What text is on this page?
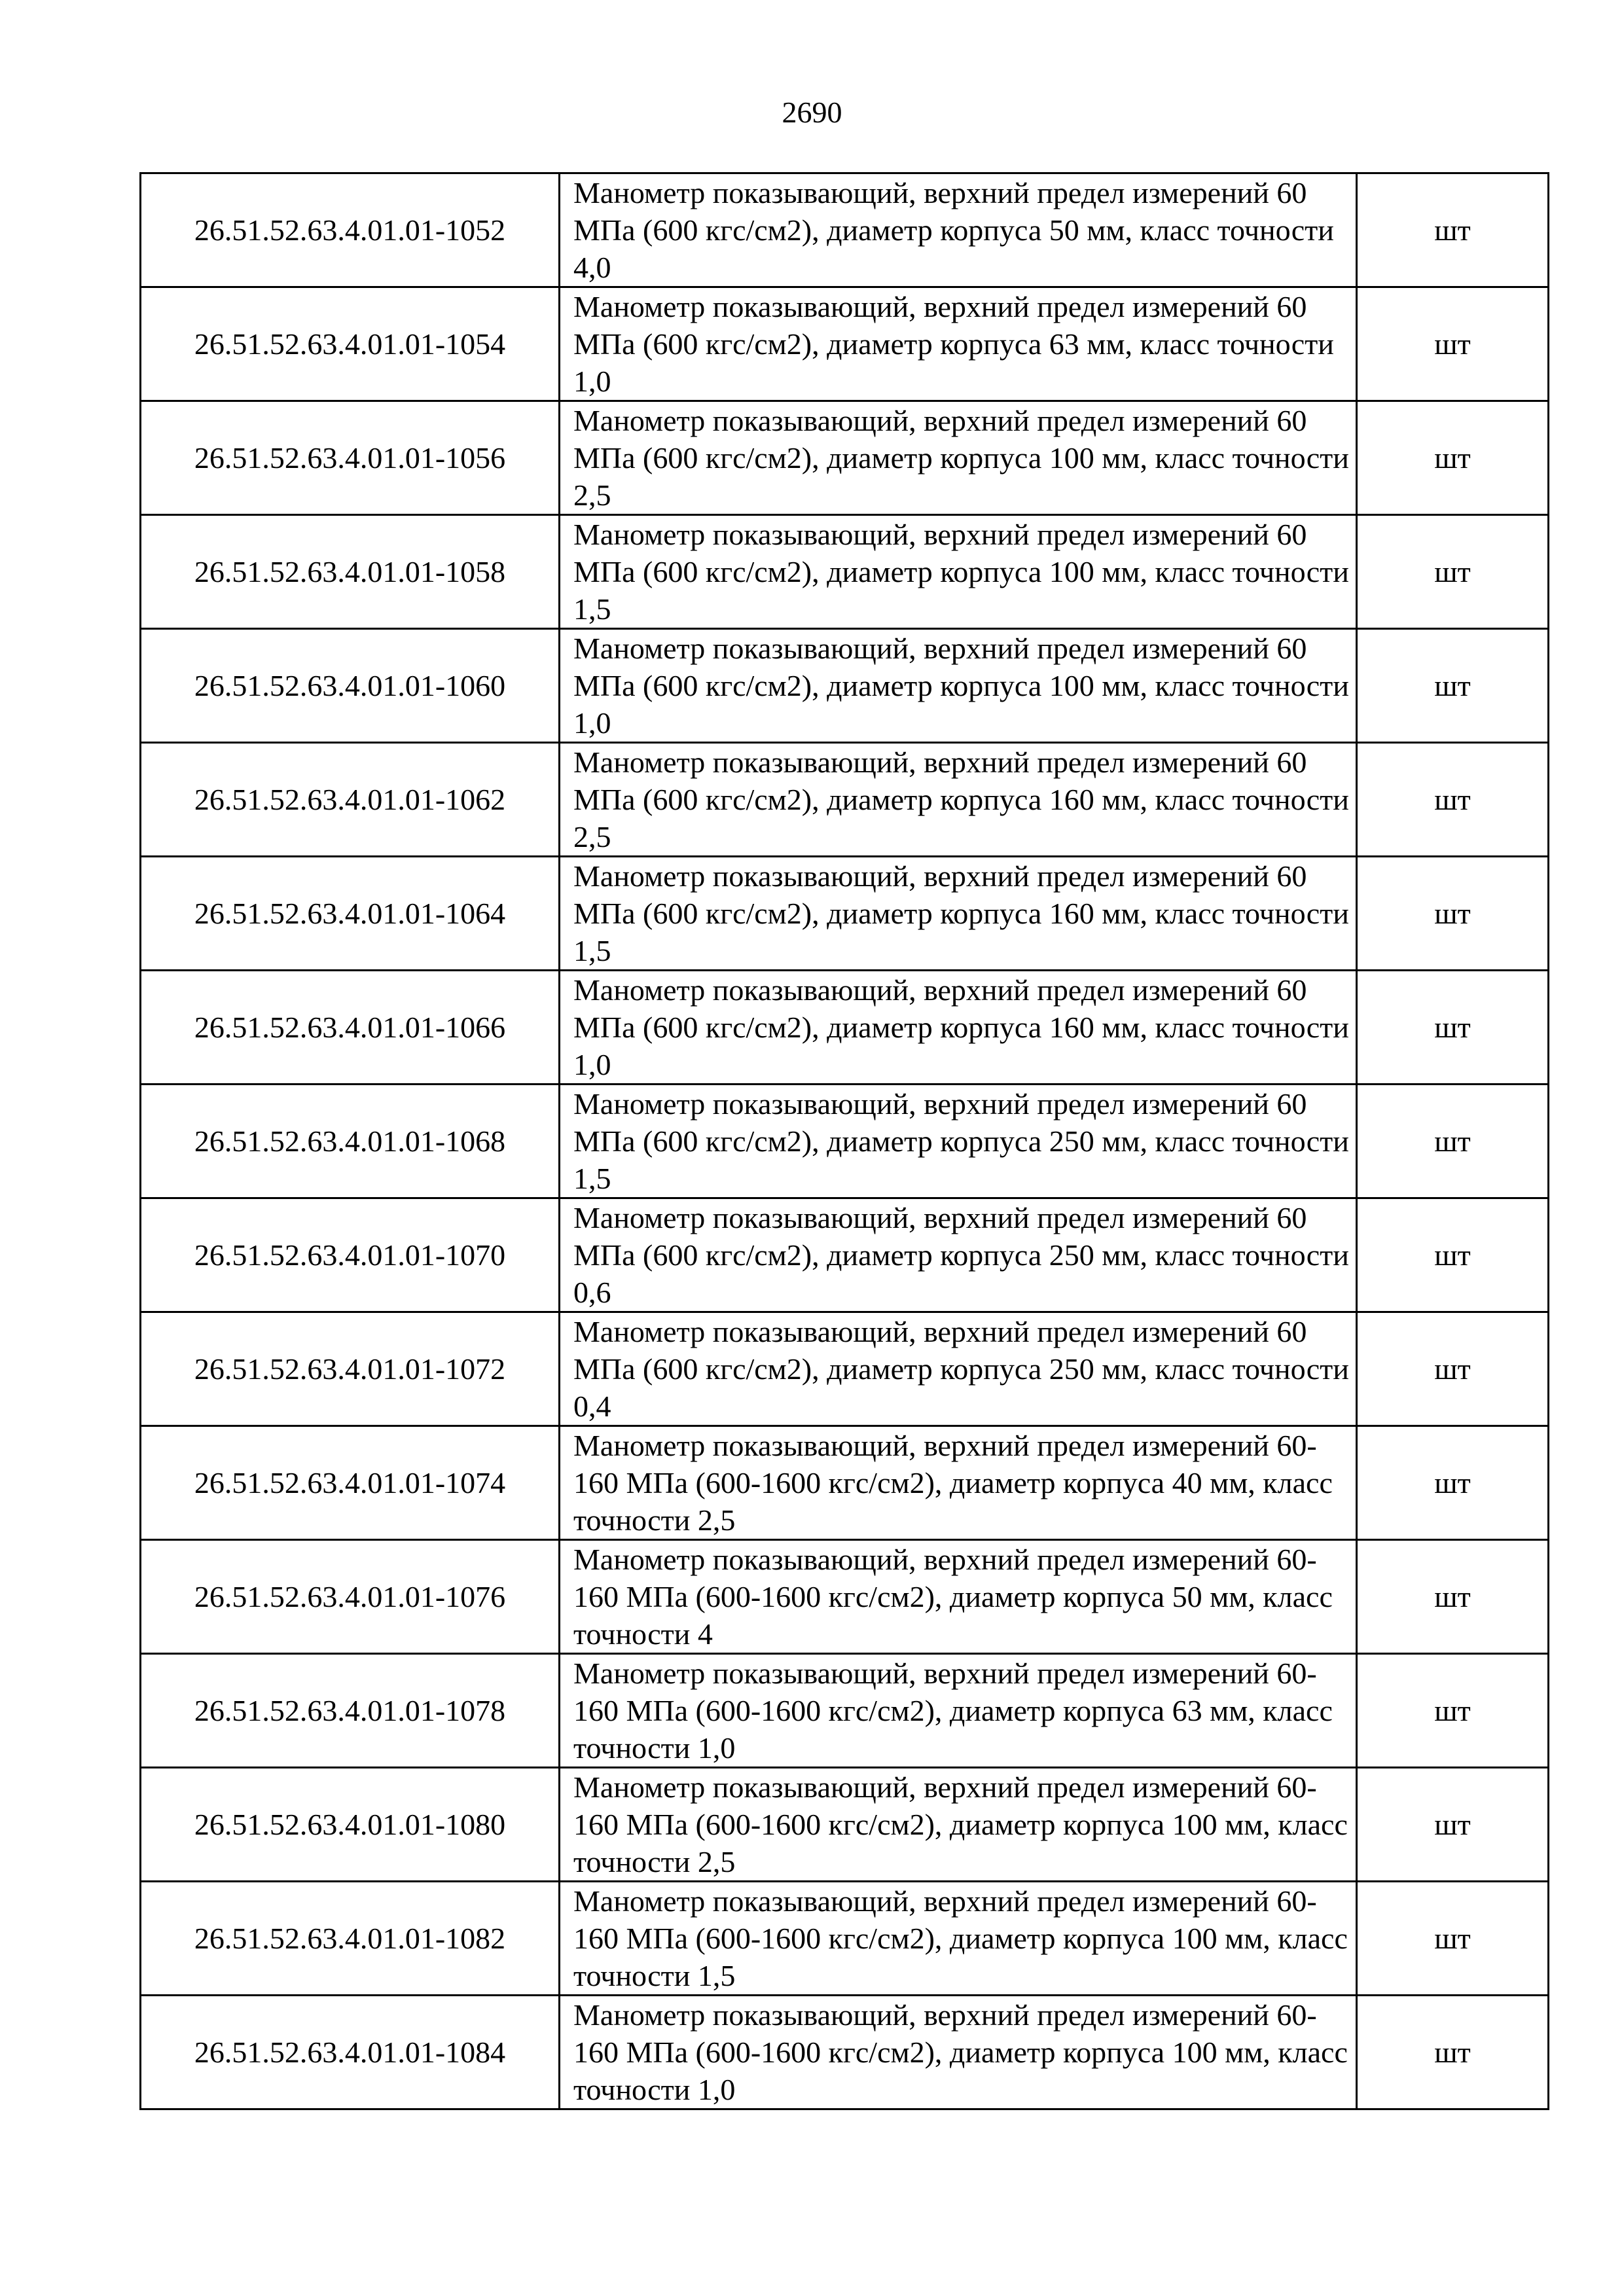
2690
26.51.52.63.4.01.01-1052	Манометр показывающий, верхний предел измерений 60 МПа (600 кгс/см2), диаметр корпуса 50 мм, класс точности 4,0	шт
26.51.52.63.4.01.01-1054	Манометр показывающий, верхний предел измерений 60 МПа (600 кгс/см2), диаметр корпуса 63 мм, класс точности 1,0	шт
26.51.52.63.4.01.01-1056	Манометр показывающий, верхний предел измерений 60 МПа (600 кгс/см2), диаметр корпуса 100 мм, класс точности 2,5	шт
26.51.52.63.4.01.01-1058	Манометр показывающий, верхний предел измерений 60 МПа (600 кгс/см2), диаметр корпуса 100 мм, класс точности 1,5	шт
26.51.52.63.4.01.01-1060	Манометр показывающий, верхний предел измерений 60 МПа (600 кгс/см2), диаметр корпуса 100 мм, класс точности 1,0	шт
26.51.52.63.4.01.01-1062	Манометр показывающий, верхний предел измерений 60 МПа (600 кгс/см2), диаметр корпуса 160 мм, класс точности 2,5	шт
26.51.52.63.4.01.01-1064	Манометр показывающий, верхний предел измерений 60 МПа (600 кгс/см2), диаметр корпуса 160 мм, класс точности 1,5	шт
26.51.52.63.4.01.01-1066	Манометр показывающий, верхний предел измерений 60 МПа (600 кгс/см2), диаметр корпуса 160 мм, класс точности 1,0	шт
26.51.52.63.4.01.01-1068	Манометр показывающий, верхний предел измерений 60 МПа (600 кгс/см2), диаметр корпуса 250 мм, класс точности 1,5	шт
26.51.52.63.4.01.01-1070	Манометр показывающий, верхний предел измерений 60 МПа (600 кгс/см2), диаметр корпуса 250 мм, класс точности 0,6	шт
26.51.52.63.4.01.01-1072	Манометр показывающий, верхний предел измерений 60 МПа (600 кгс/см2), диаметр корпуса 250 мм, класс точности 0,4	шт
26.51.52.63.4.01.01-1074	Манометр показывающий, верхний предел измерений 60-160 МПа (600-1600 кгс/см2), диаметр корпуса 40 мм, класс точности 2,5	шт
26.51.52.63.4.01.01-1076	Манометр показывающий, верхний предел измерений 60-160 МПа (600-1600 кгс/см2), диаметр корпуса 50 мм, класс точности 4	шт
26.51.52.63.4.01.01-1078	Манометр показывающий, верхний предел измерений 60-160 МПа (600-1600 кгс/см2), диаметр корпуса 63 мм, класс точности 1,0	шт
26.51.52.63.4.01.01-1080	Манометр показывающий, верхний предел измерений 60-160 МПа (600-1600 кгс/см2), диаметр корпуса 100 мм, класс точности 2,5	шт
26.51.52.63.4.01.01-1082	Манометр показывающий, верхний предел измерений 60-160 МПа (600-1600 кгс/см2), диаметр корпуса 100 мм, класс точности 1,5	шт
26.51.52.63.4.01.01-1084	Манометр показывающий, верхний предел измерений 60-160 МПа (600-1600 кгс/см2), диаметр корпуса 100 мм, класс точности 1,0	шт
